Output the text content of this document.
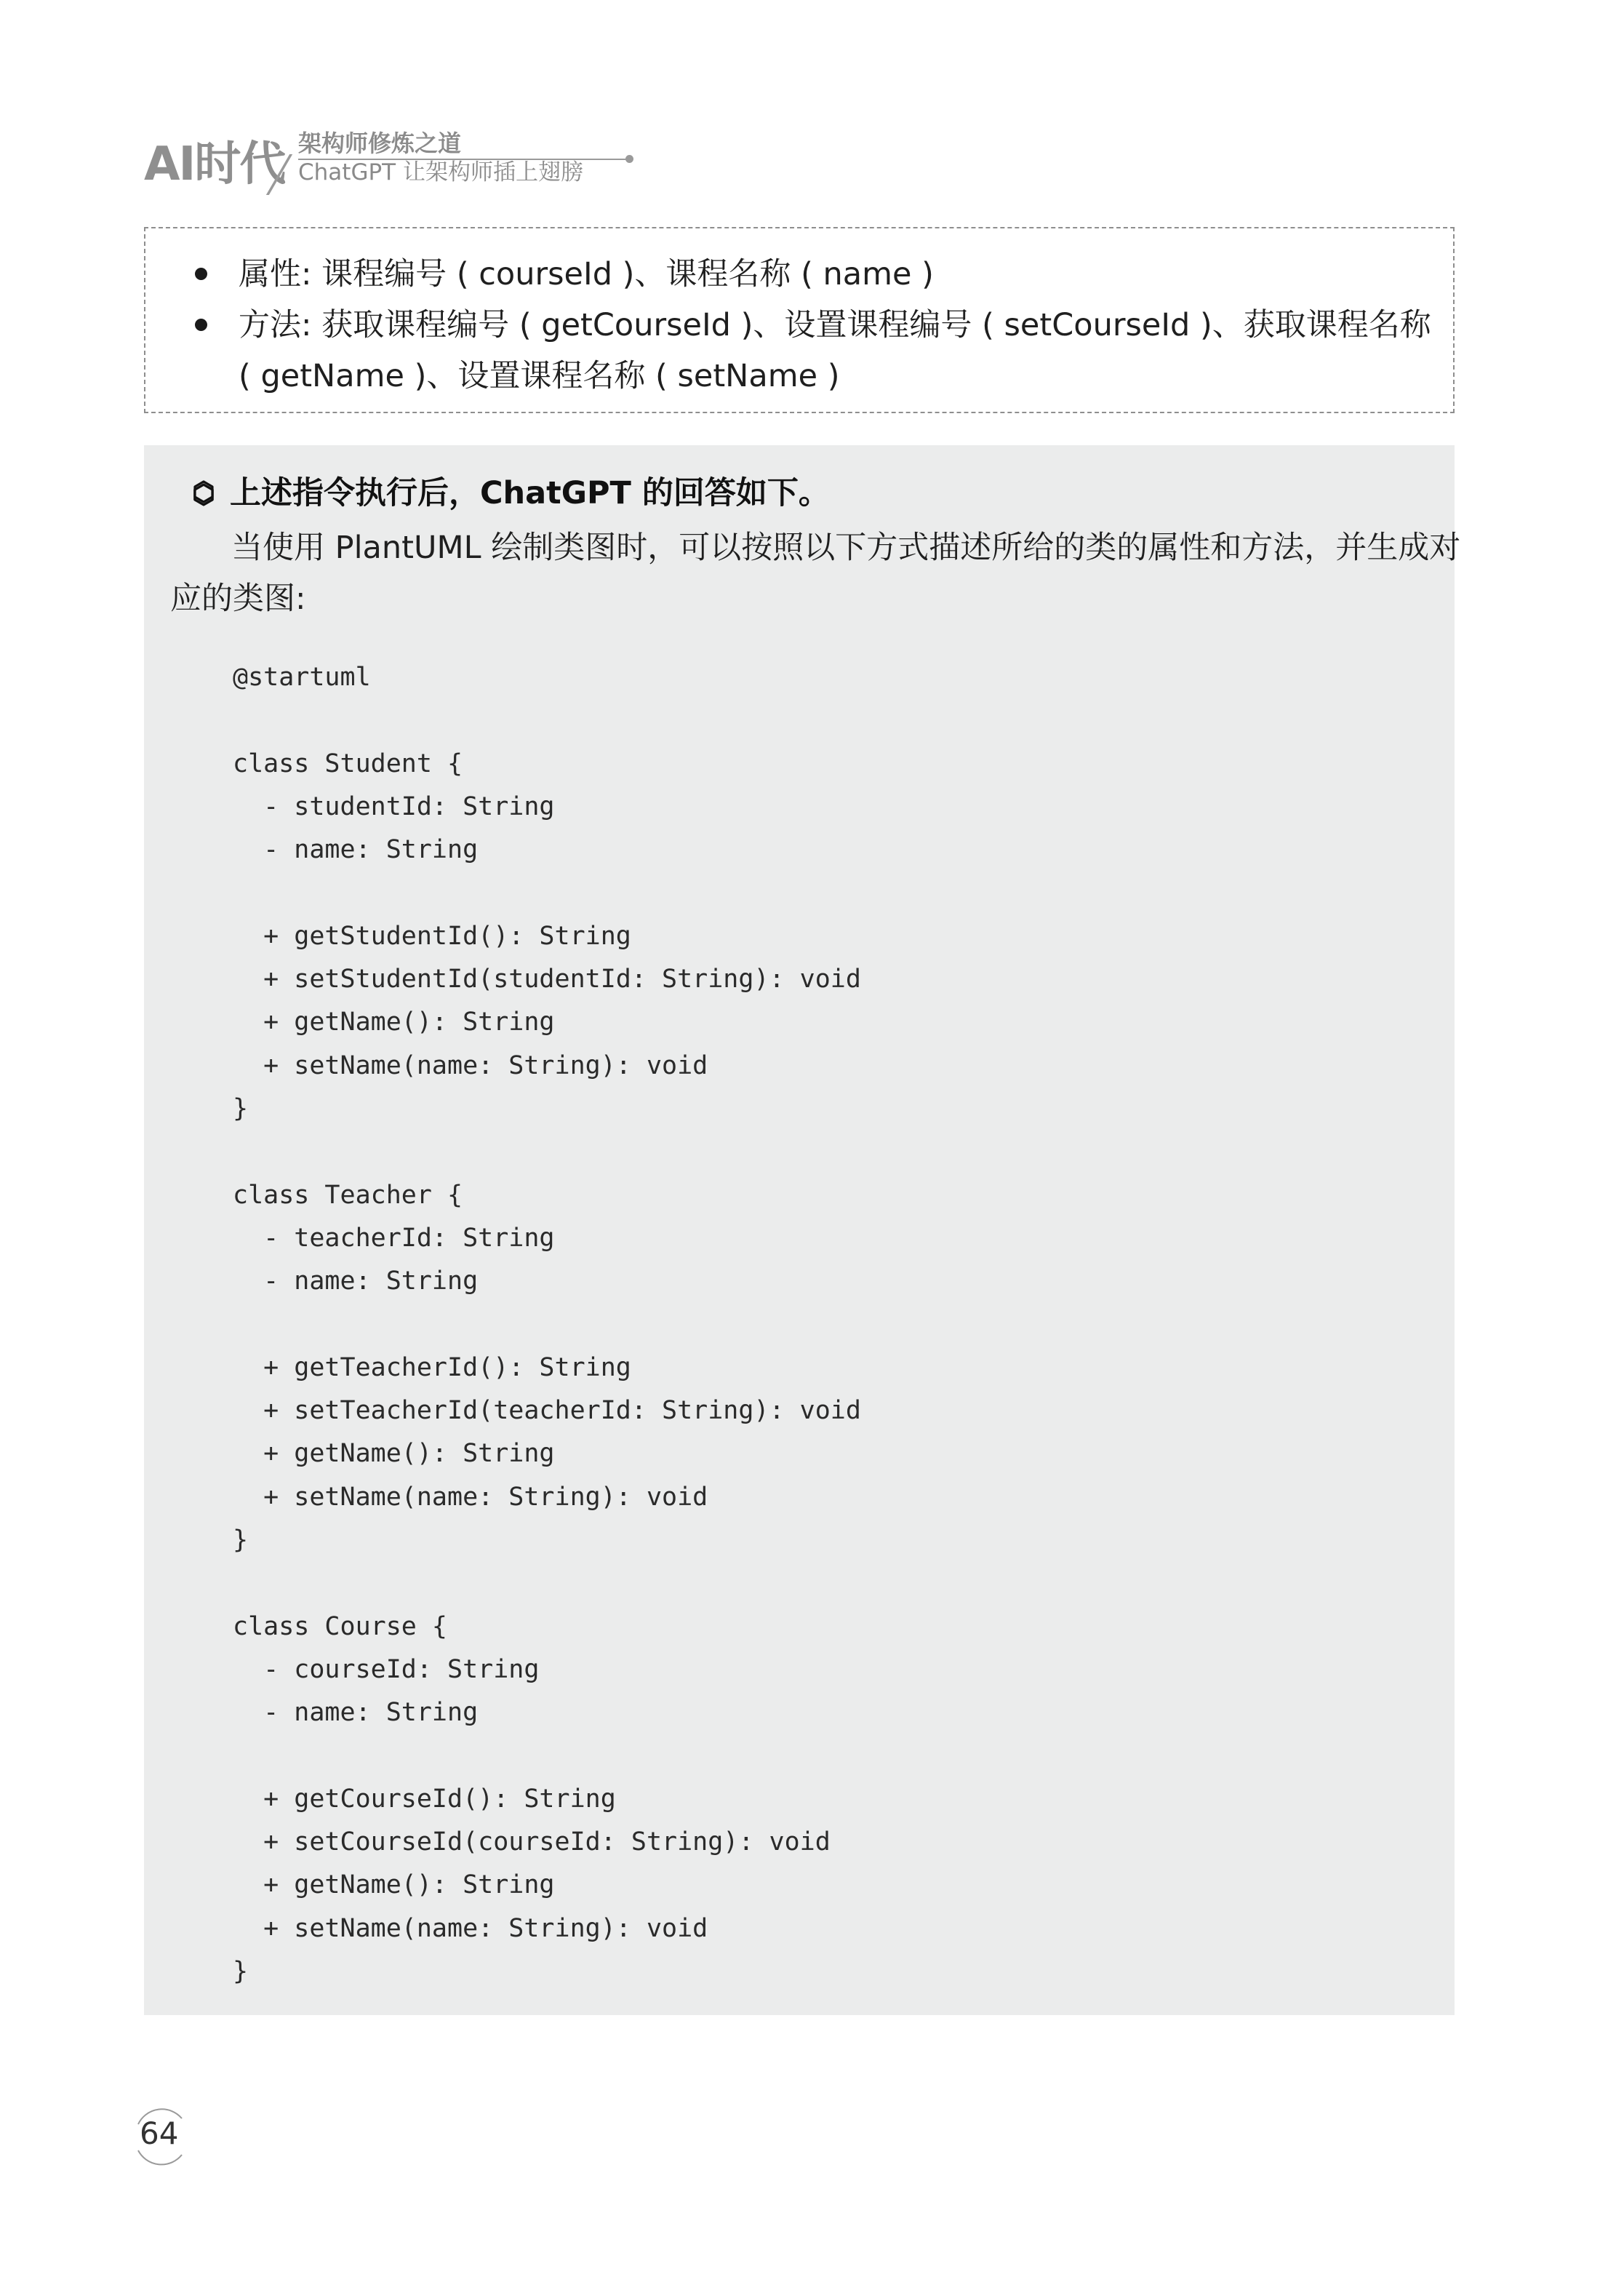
AI时代 架构师修炼之道
ChatGPT 让架构师插上翅膀
属性: 课程编号 ( courseId )、课程名称 ( name )
方法: 获取课程编号 ( getCourseId )、设置课程编号 ( setCourseId )、获取课程名称
( getName )、设置课程名称 ( setName )
上述指令执行后，ChatGPT 的回答如下。
当使用 PlantUML 绘制类图时，可以按照以下方式描述所给的类的属性和方法，并生成对
应的类图:
@startuml
class Student {
- studentId: String
- name: String
+ getStudentId(): String
+ setStudentId(studentId: String): void
+ getName(): String
+ setName(name: String): void
}
class Teacher {
- teacherId: String
- name: String
+ getTeacherId(): String
+ setTeacherId(teacherId: String): void
+ getName(): String
+ setName(name: String): void
}
class Course {
- courseId: String
- name: String
+ getCourseId(): String
+ setCourseId(courseId: String): void
+ getName(): String
+ setName(name: String): void
}
64
